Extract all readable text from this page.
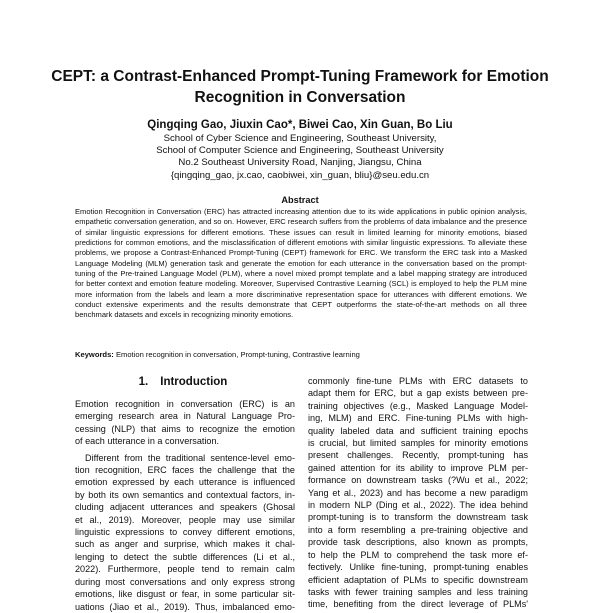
CEPT: a Contrast-Enhanced Prompt-Tuning Framework for Emotion
Recognition in Conversation
Qingqing Gao, Jiuxin Cao*, Biwei Cao, Xin Guan, Bo Liu
School of Cyber Science and Engineering, Southeast University,
School of Computer Science and Engineering, Southeast University
No.2 Southeast University Road, Nanjing, Jiangsu, China
{qingqing_gao, jx.cao, caobiwei, xin_guan, bliu}@seu.edu.cn
Abstract
Emotion Recognition in Conversation (ERC) has attracted increasing attention due to its wide applications in public opinion analysis, empathetic conversation generation, and so on. However, ERC research suffers from the problems of data imbalance and the presence of similar linguistic expressions for different emotions. These issues can result in limited learning for minority emotions, biased predictions for common emotions, and the misclassification of different emotions with similar linguistic expressions. To alleviate these problems, we propose a Contrast-Enhanced Prompt-Tuning (CEPT) framework for ERC. We transform the ERC task into a Masked Language Modeling (MLM) generation task and generate the emotion for each utterance in the conversation based on the prompt-tuning of the Pre-trained Language Model (PLM), where a novel mixed prompt template and a label mapping strategy are introduced for better context and emotion feature modeling. Moreover, Supervised Contrastive Learning (SCL) is employed to help the PLM mine more information from the labels and learn a more discriminative representation space for utterances with different emotions. We conduct extensive experiments and the results demonstrate that CEPT outperforms the state-of-the-art methods on all three benchmark datasets and excels in recognizing minority emotions.
Keywords: Emotion recognition in conversation, Prompt-tuning, Contrastive learning
1. Introduction
Emotion recognition in conversation (ERC) is an
emerging research area in Natural Language Pro-
cessing (NLP) that aims to recognize the emotion
of each utterance in a conversation.
Different from the traditional sentence-level emo-
tion recognition, ERC faces the challenge that the
emotion expressed by each utterance is influenced
by both its own semantics and contextual factors, in-
cluding adjacent utterances and speakers (Ghosal
et al., 2019). Moreover, people may use similar
linguistic expressions to convey different emotions,
such as anger and surprise, which makes it chal-
lenging to detect the subtle differences (Li et al.,
2022). Furthermore, people tend to remain calm
during most conversations and only express strong
emotions, like disgust or fear, in some particular sit-
uations (Jiao et al., 2019). Thus, imbalanced emo-
commonly fine-tune PLMs with ERC datasets to
adapt them for ERC, but a gap exists between pre-
training objectives (e.g., Masked Language Model-
ing, MLM) and ERC. Fine-tuning PLMs with high-
quality labeled data and sufficient training epochs
is crucial, but limited samples for minority emotions
present challenges. Recently, prompt-tuning has
gained attention for its ability to improve PLM per-
formance on downstream tasks (?Wu et al., 2022;
Yang et al., 2023) and has become a new paradigm
in modern NLP (Ding et al., 2022). The idea behind
prompt-tuning is to transform the downstream task
into a form resembling a pre-training objective and
provide task descriptions, also known as prompts,
to help the PLM to comprehend the task more ef-
fectively. Unlike fine-tuning, prompt-tuning enables
efficient adaptation of PLMs to specific downstream
tasks with fewer training samples and less training
time, benefiting from the direct leverage of PLMs'
